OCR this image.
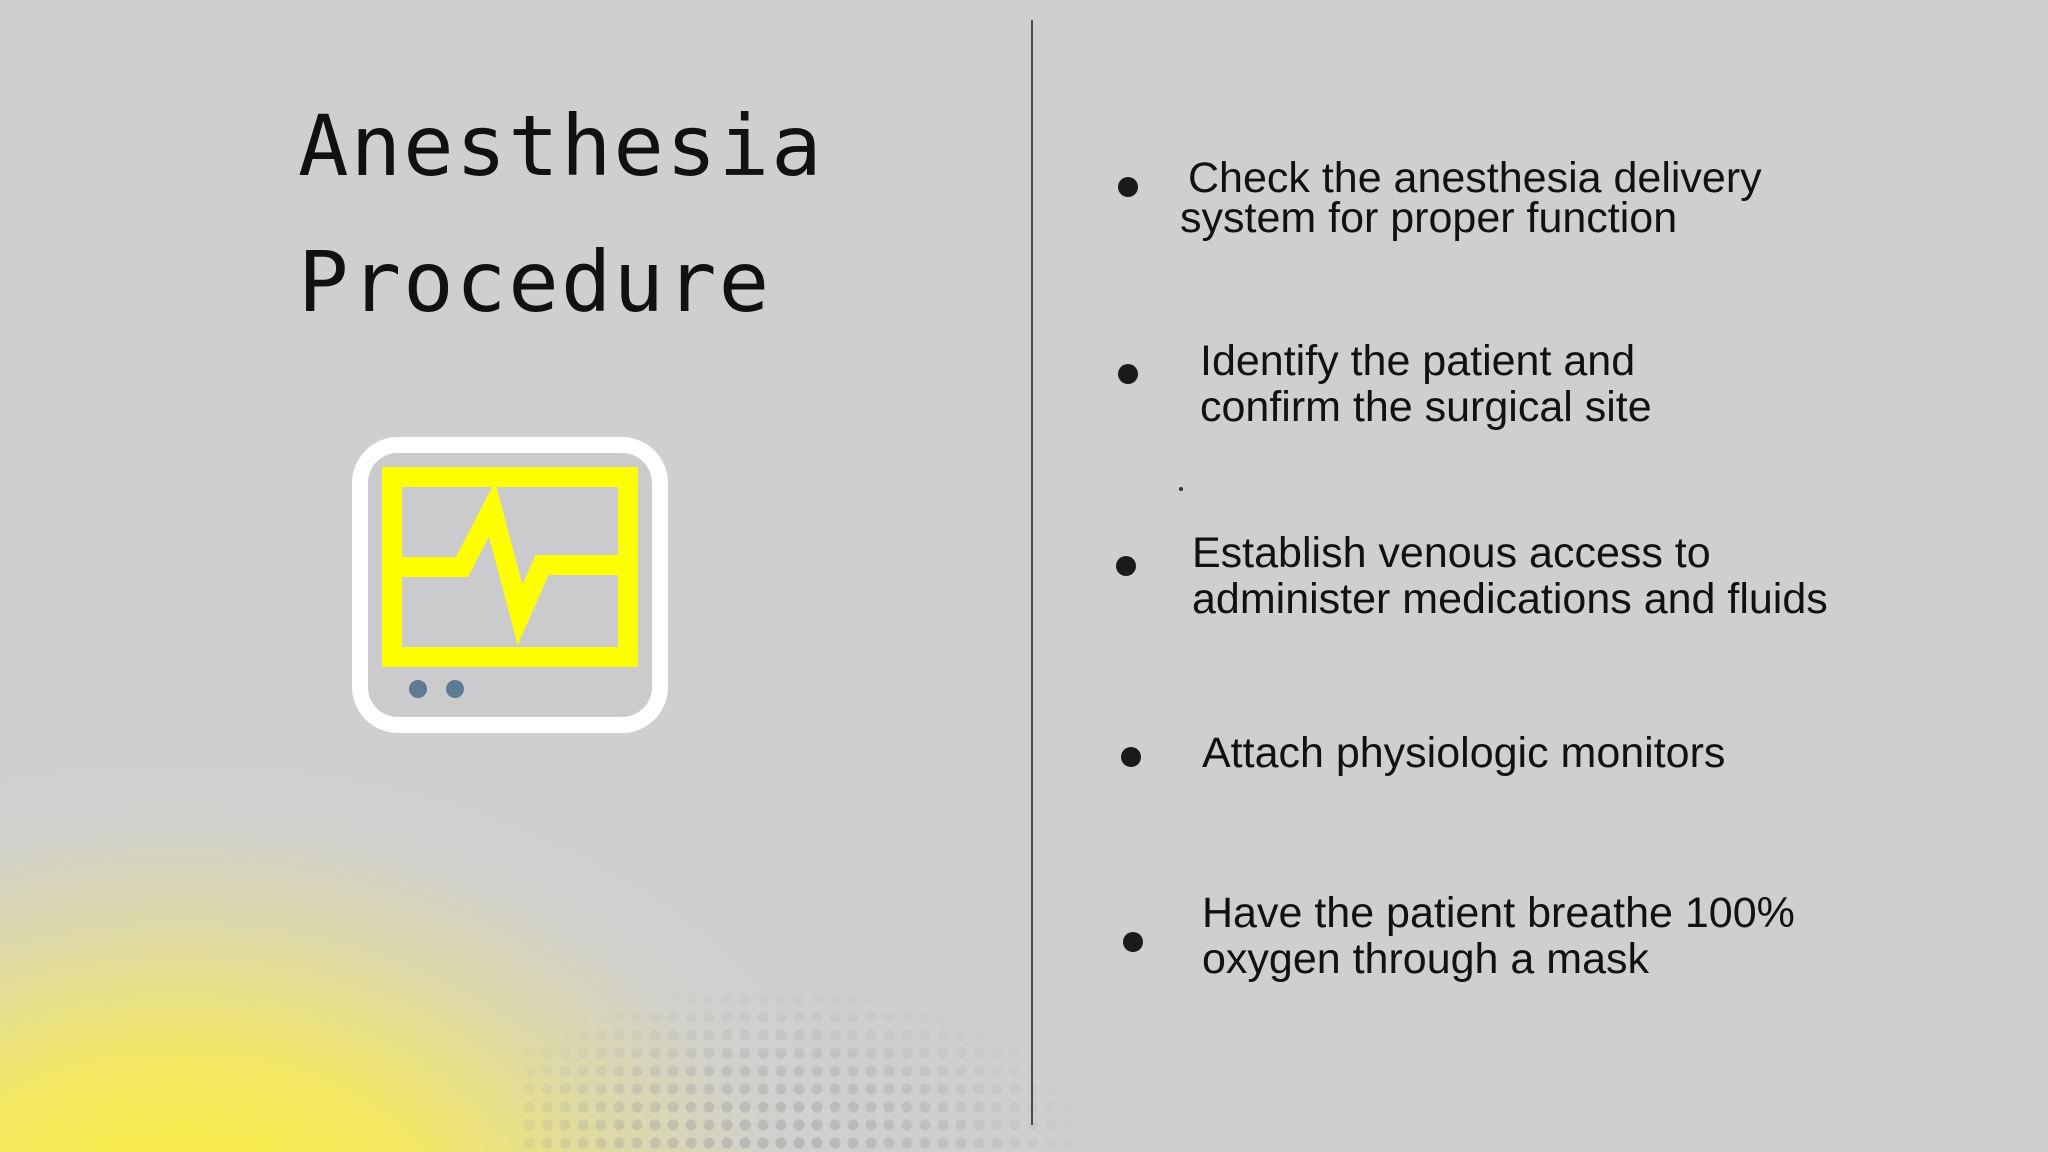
Anesthesia
Procedure
Check the anesthesia delivery
system for proper function
Identify the patient and
confirm the surgical site
Establish venous access to
administer medications and fluids
Attach physiologic monitors
Have the patient breathe 100%
oxygen through a mask
